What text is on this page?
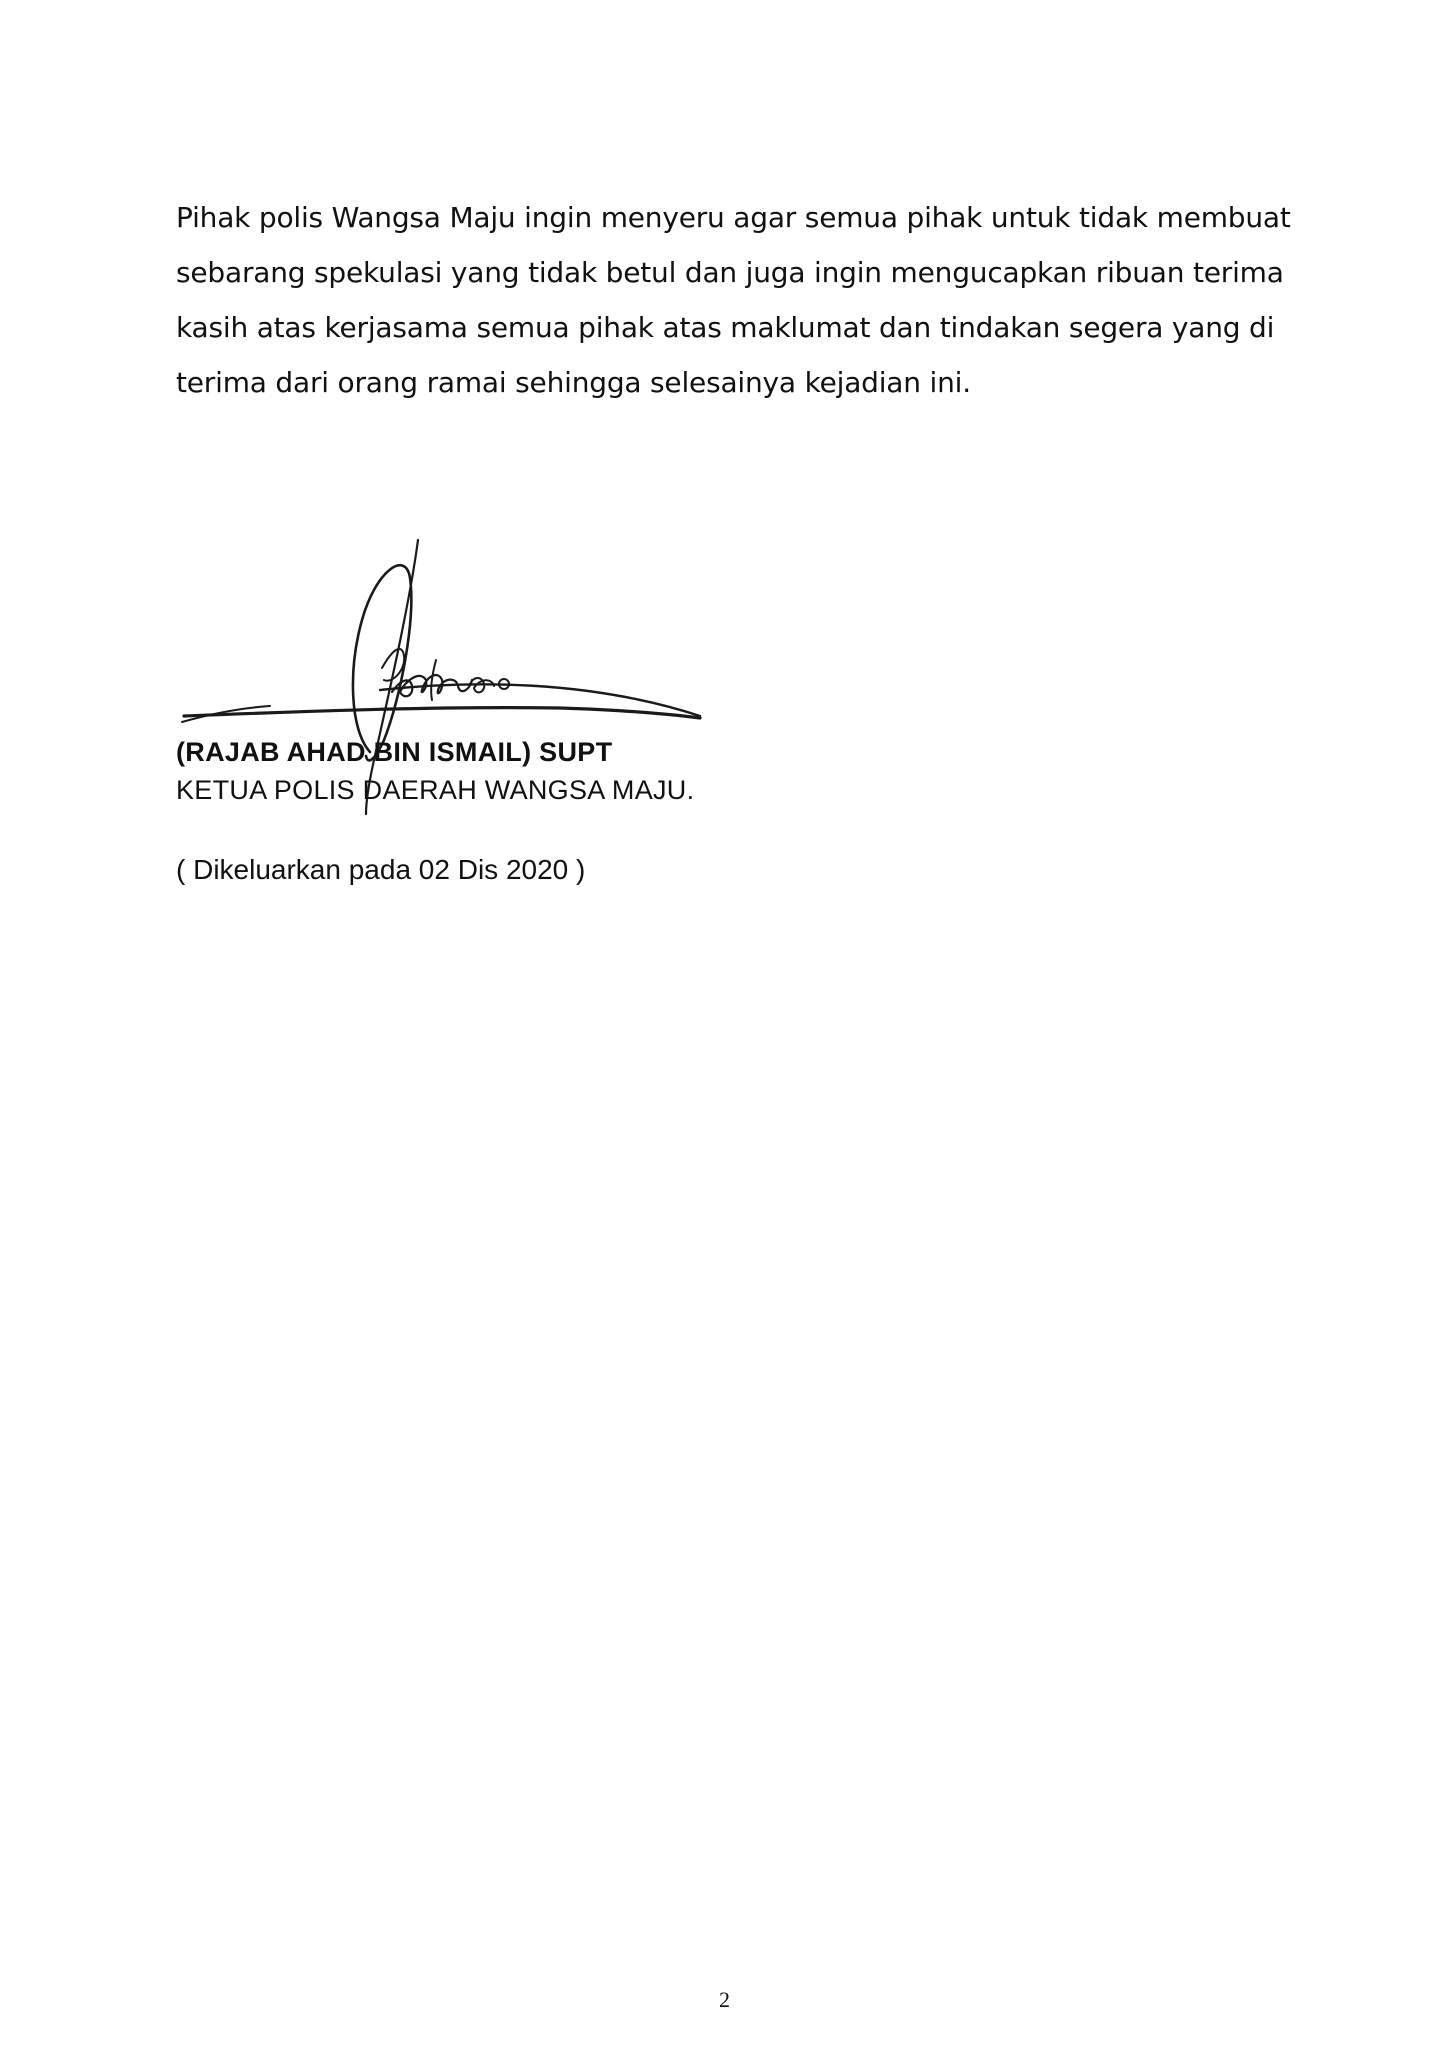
Pihak polis Wangsa Maju ingin menyeru agar semua pihak untuk tidak membuat
sebarang spekulasi yang tidak betul dan juga ingin mengucapkan ribuan terima
kasih atas kerjasama semua pihak atas maklumat dan tindakan segera yang di
terima dari orang ramai sehingga selesainya kejadian ini.

(RAJAB AHAD BIN ISMAIL) SUPT
KETUA POLIS DAERAH WANGSA MAJU.
( Dikeluarkan pada 02 Dis 2020 )
2
